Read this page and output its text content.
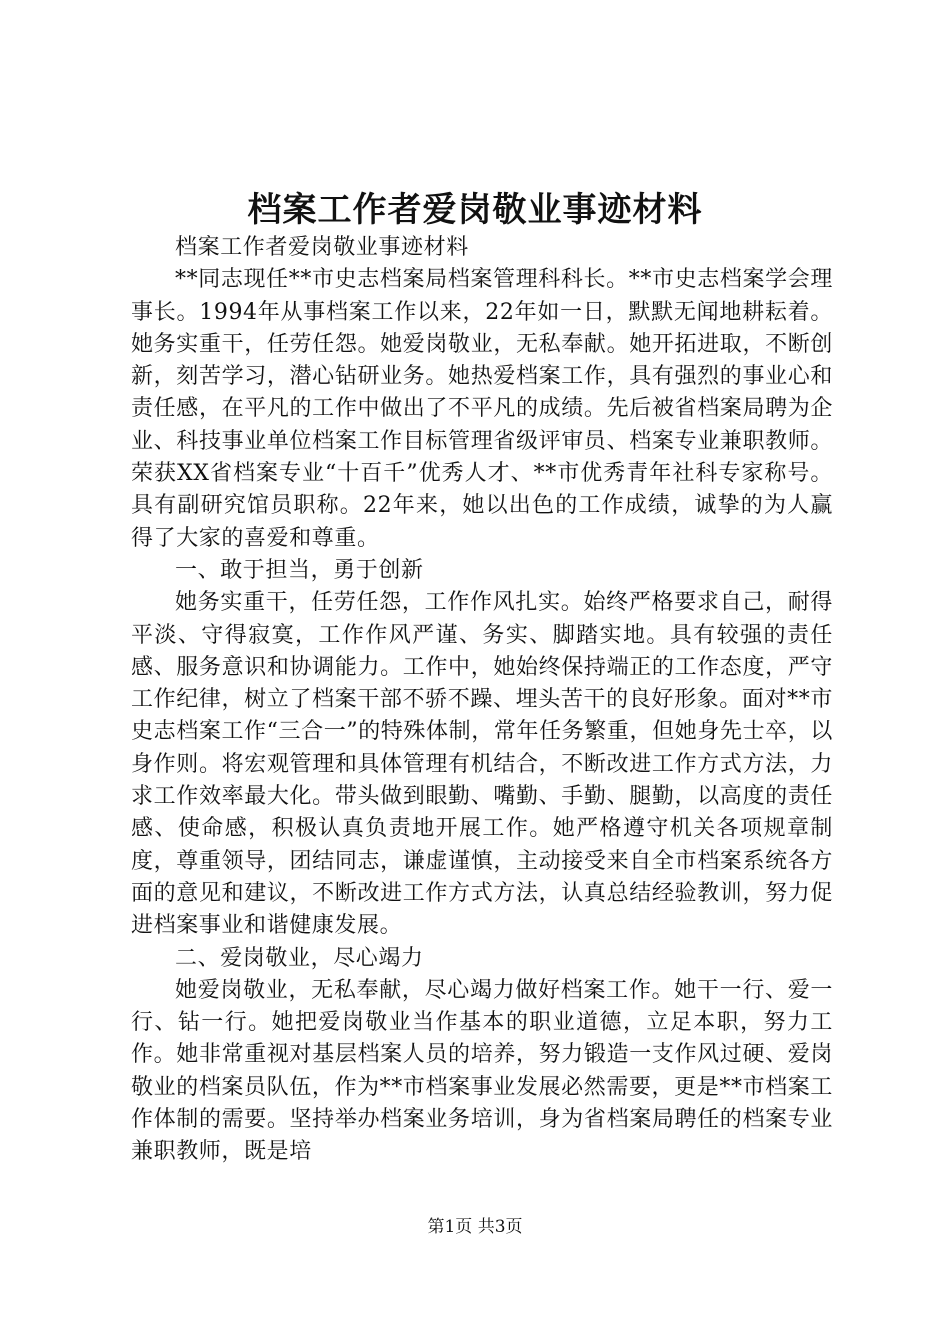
档案工作者爱岗敬业事迹材料

档案工作者爱岗敬业事迹材料

**同志现任**市史志档案局档案管理科科长。**市史志档案学会理事长。1994年从事档案工作以来，22年如一日，默默无闻地耕耘着。她务实重干，任劳任怨。她爱岗敬业，无私奉献。她开拓进取，不断创新，刻苦学习，潜心钻研业务。她热爱档案工作，具有强烈的事业心和责任感，在平凡的工作中做出了不平凡的成绩。先后被省档案局聘为企业、科技事业单位档案工作目标管理省级评审员、档案专业兼职教师。荣获XX省档案专业“十百千”优秀人才、**市优秀青年社科专家称号。具有副研究馆员职称。22年来，她以出色的工作成绩，诚挚的为人赢得了大家的喜爱和尊重。

一、敢于担当，勇于创新

她务实重干，任劳任怨，工作作风扎实。始终严格要求自己，耐得平淡、守得寂寞，工作作风严谨、务实、脚踏实地。具有较强的责任感、服务意识和协调能力。工作中，她始终保持端正的工作态度，严守工作纪律，树立了档案干部不骄不躁、埋头苦干的良好形象。面对**市史志档案工作“三合一”的特殊体制，常年任务繁重，但她身先士卒，以身作则。将宏观管理和具体管理有机结合，不断改进工作方式方法，力求工作效率最大化。带头做到眼勤、嘴勤、手勤、腿勤，以高度的责任感、使命感，积极认真负责地开展工作。她严格遵守机关各项规章制度，尊重领导，团结同志，谦虚谨慎，主动接受来自全市档案系统各方面的意见和建议，不断改进工作方式方法，认真总结经验教训，努力促进档案事业和谐健康发展。

二、爱岗敬业，尽心竭力

她爱岗敬业，无私奉献，尽心竭力做好档案工作。她干一行、爱一行、钻一行。她把爱岗敬业当作基本的职业道德，立足本职，努力工作。她非常重视对基层档案人员的培养，努力锻造一支作风过硬、爱岗敬业的档案员队伍，作为**市档案事业发展必然需要，更是**市档案工作体制的需要。坚持举办档案业务培训，身为省档案局聘任的档案专业兼职教师，既是培

第1页 共3页
